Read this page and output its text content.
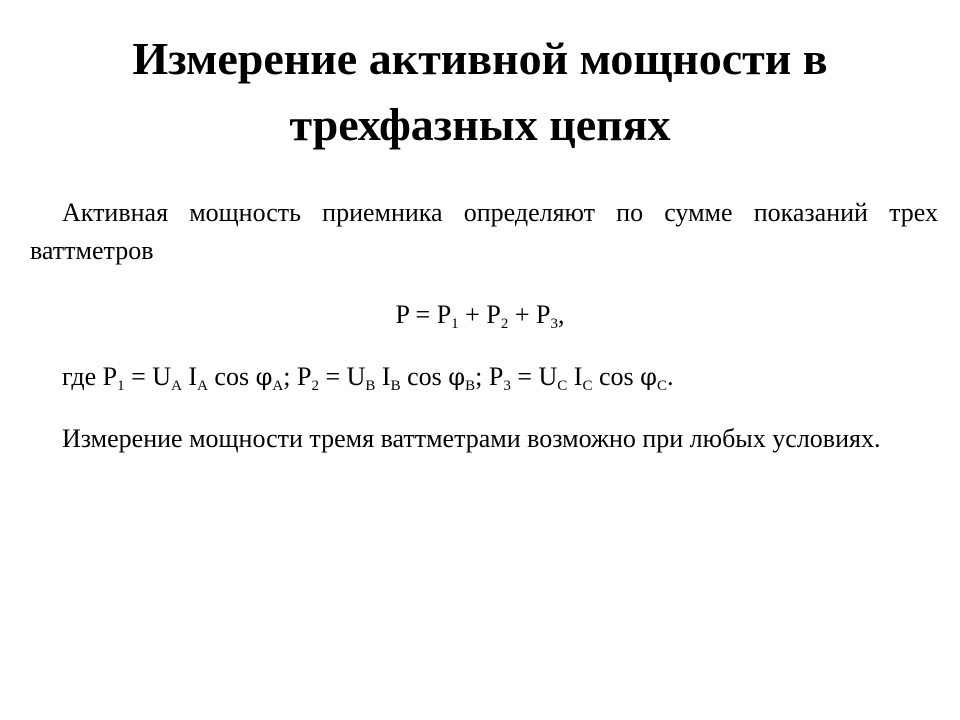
Измерение активной мощности в трехфазных цепях

Активная мощность приемника определяют по сумме показаний трех ваттметров

$P = P_1 + P_2 + P_3$,

где $P_1 = U_A$ $I_A$ $\cos \varphi_A$; $P_2 = U_B$ $I_B$ $\cos \varphi_B$; $P_3 = U_C$ $I_C$ $\cos \varphi_C$.

Измерение мощности тремя ваттметрами возможно при любых условиях.
